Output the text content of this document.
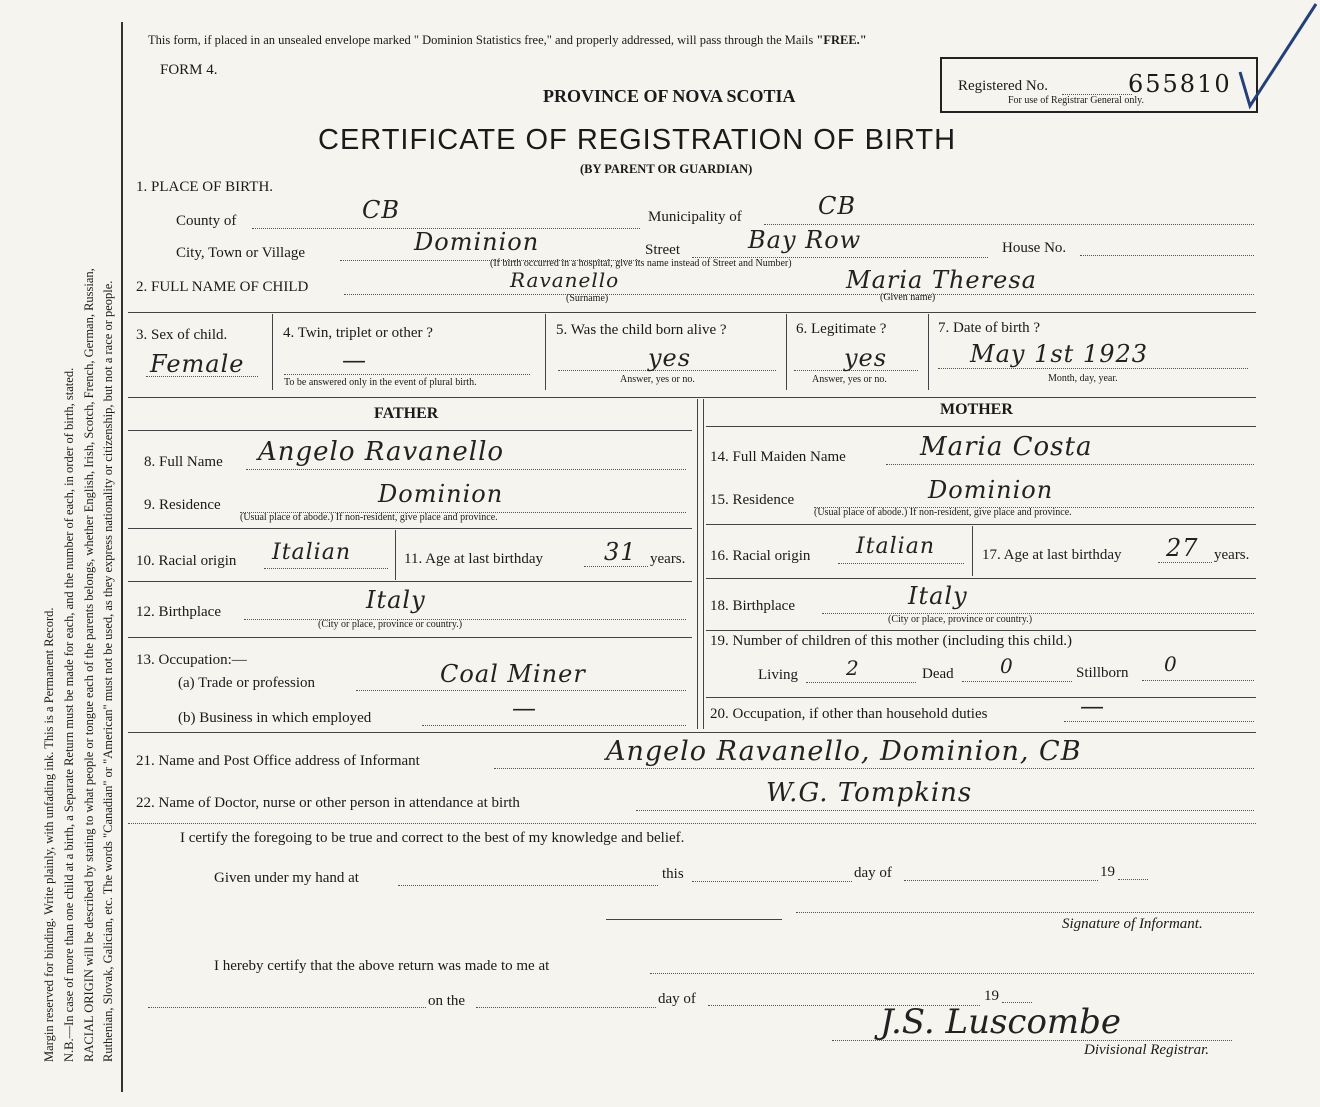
Margin reserved for binding. Write plainly, with unfading ink. This is a Permanent Record. N.B.—In case of more than one child at a birth, a Separate Return must be made for each, and the number of each, in order of birth, stated. RACIAL ORIGIN will be described by stating to what people or tongue each of the parents belongs, whether English, Irish, Scotch, French, German, Russian, Ruthenian, Slovak, Galician, etc. The words "Canadian" or "American" must not be used, as they express nationality or citizenship, but not a race or people.
This form, if placed in an unsealed envelope marked " Dominion Statistics free," and properly addressed, will pass through the Mails "FREE."
FORM 4.
PROVINCE OF NOVA SCOTIA
CERTIFICATE OF REGISTRATION OF BIRTH
(BY PARENT OR GUARDIAN)
Registered No.	655810
For use of Registrar General only.
1. PLACE OF BIRTH.
County of	CB	Municipality of	CB
City, Town or Village	Dominion	Street	Bay Row	House No.
(If birth occurred in a hospital, give its name instead of Street and Number)
2. FULL NAME OF CHILD	Ravanello
(Surname)
Maria Theresa
(Given name)
3. Sex of child.
Female
4. Twin, triplet or other ?
—
To be answered only in the event of plural birth.
5. Was the child born alive ?
yes
Answer, yes or no.
6. Legitimate ?
yes
Answer, yes or no.
7. Date of birth ?
May 1st 1923
Month, day, year.
FATHER	MOTHER
8. Full Name Angelo Ravanello
9. Residence	Dominion
(Usual place of abode.) If non-resident, give place and province.
10. Racial origin Italian	11. Age at last birthday	31 years.
12. Birthplace	Italy
(City or place, province or country.)
13. Occupation:—
(a) Trade or profession	Coal Miner
(b) Business in which employed	—
14. Full Maiden Name	Maria Costa
15. Residence	Dominion
(Usual place of abode.) If non-resident, give place and province.
16. Racial origin Italian	17. Age at last birthday 27 years.
18. Birthplace	Italy
(City or place, province or country.)
19. Number of children of this mother (including this child.)
Living 2	Dead 0	Stillborn 0
20. Occupation, if other than household duties	—
21. Name and Post Office address of Informant	Angelo Ravanello, Dominion, CB
22. Name of Doctor, nurse or other person in attendance at birth	W.G. Tompkins
I certify the foregoing to be true and correct to the best of my knowledge and belief.
Given under my hand at	this	day of	19
Signature of Informant.
I hereby certify that the above return was made to me at
on the	day of	19
J.S. Luscombe
Divisional Registrar.
